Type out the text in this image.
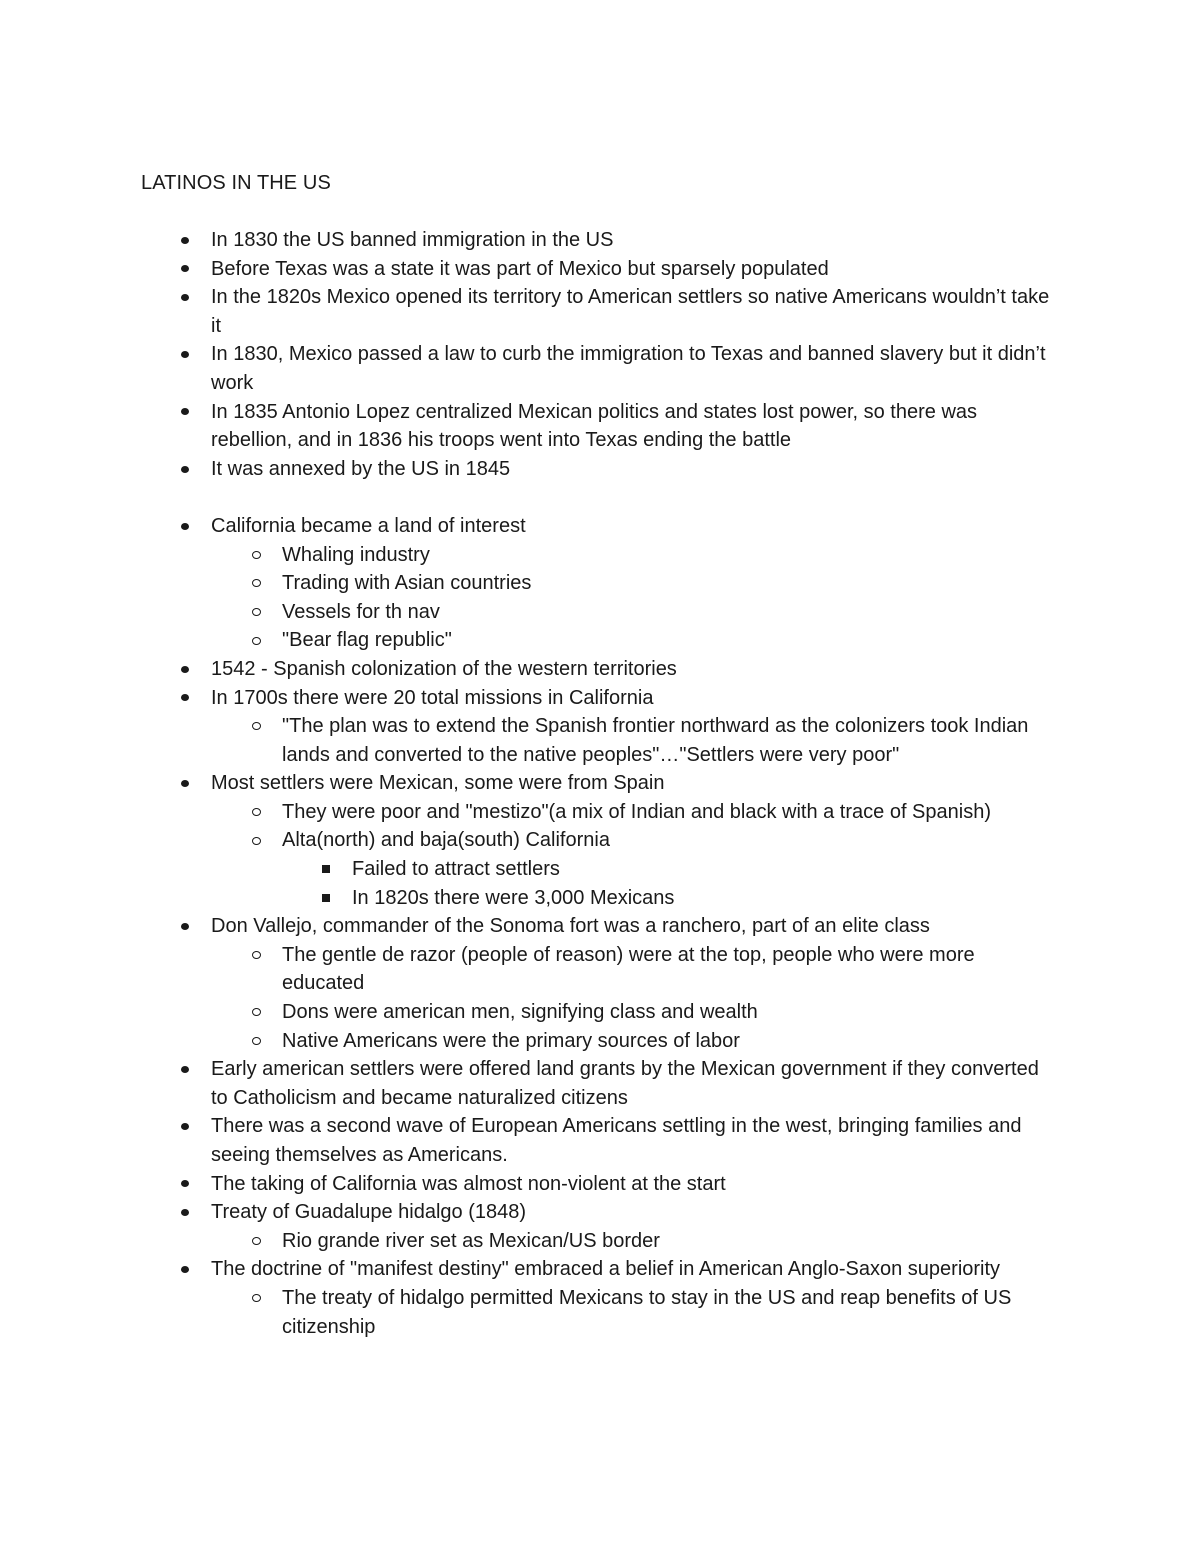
LATINOS IN THE US
In 1830 the US banned immigration in the US
Before Texas was a state it was part of Mexico but sparsely populated
In the 1820s Mexico opened its territory to American settlers so native Americans wouldn’t take it
In 1830, Mexico passed a law to curb the immigration to Texas and banned slavery but it didn’t work
In 1835 Antonio Lopez centralized Mexican politics and states lost power, so there was rebellion, and in 1836 his troops went into Texas ending the battle
It was annexed by the US in 1845
California became a land of interest
Whaling industry
Trading with Asian countries
Vessels for th nav
"Bear flag republic"
1542 - Spanish colonization of the western territories
In 1700s there were 20 total missions in California
"The plan was to extend the Spanish frontier northward as the colonizers took Indian lands and converted to the native peoples"…"Settlers were very poor"
Most settlers were Mexican, some were from Spain
They were poor and "mestizo"(a mix of Indian and black with a trace of Spanish)
Alta(north) and baja(south) California
Failed to attract settlers
In 1820s there were 3,000 Mexicans
Don Vallejo, commander of the Sonoma fort was a ranchero, part of an elite class
The gentle de razor (people of reason) were at the top, people who were more educated
Dons were american men, signifying class and wealth
Native Americans were the primary sources of labor
Early american settlers were offered land grants by the Mexican government if they converted to Catholicism and became naturalized citizens
There was a second wave of European Americans settling in the west, bringing families and seeing themselves as Americans.
The taking of California was almost non-violent at the start
Treaty of Guadalupe hidalgo (1848)
Rio grande river set as Mexican/US border
The doctrine of "manifest destiny" embraced a belief in American Anglo-Saxon superiority
The treaty of hidalgo permitted Mexicans to stay in the US and reap benefits of US citizenship
